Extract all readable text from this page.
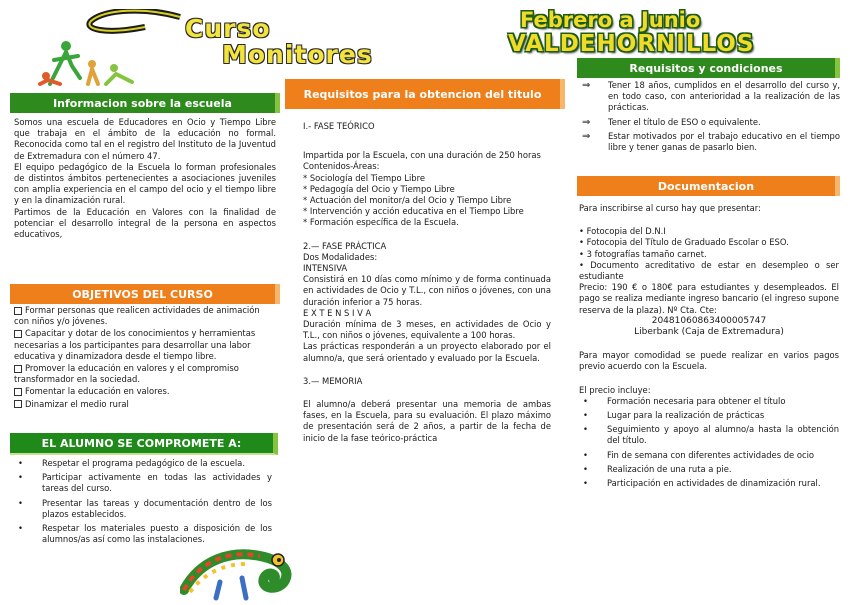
Curso
Monitores
Febrero a Junio
VALDEHORNILLOS
Informacion sobre la escuela

Somos una escuela de Educadores en Ocio y Tiempo Libre que trabaja en el ámbito de la educación no formal. Reconocida como tal en el registro del Instituto de la Juventud de Extremadura con el número 47.

El equipo pedagógico de la Escuela lo forman profesionales de distintos ámbitos pertenecientes a asociaciones juveniles con amplia experiencia en el campo del ocio y el tiempo libre y en la dinamización rural.

Partimos de la Educación en Valores con la finalidad de potenciar el desarrollo integral de la persona en aspectos educativos,

OBJETIVOS DEL CURSO

Formar personas que realicen actividades de animación con niños y/o jóvenes.

Capacitar y dotar de los conocimientos y herramientas necesarias a los participantes para desarrollar una labor educativa y dinamizadora desde el tiempo libre.

Promover la educación en valores y el compromiso transformador en la sociedad.

Fomentar la educación en valores.

Dinamizar el medio rural

EL ALUMNO SE COMPROMETE A:
• Respetar el programa pedagógico de la escuela.
• Participar activamente en todas las actividades y tareas del curso.
• Presentar las tareas y documentación dentro de los plazos establecidos.
• Respetar los materiales puesto a disposición de los alumnos/as así como las instalaciones.
Requisitos para la obtencion del titulo

I.- FASE TEÓRICO

Impartida por la Escuela, con una duración de 250 horas

Contenidos-Áreas:

* Sociología del Tiempo Libre

* Pedagogía del Ocio y Tiempo Libre

* Actuación del monitor/a del Ocio y Tiempo Libre

* Intervención y acción educativa en el Tiempo Libre

* Formación específica de la Escuela.

2.— FASE PRÁCTICA

Dos Modalidades:

INTENSIVA

Consistirá en 10 días como mínimo y de forma continuada en actividades de Ocio y T.L., con niños o jóvenes, con una duración inferior a 75 horas.

E X T E N S I V A

Duración mínima de 3 meses, en actividades de Ocio y T.L., con niños o jóvenes, equivalente a 100 horas.

Las prácticas responderán a un proyecto elaborado por el alumno/a, que será orientado y evaluado por la Escuela.

3.— MEMORIA

El alumno/a deberá presentar una memoria de ambas fases, en la Escuela, para su evaluación. El plazo máximo de presentación será de 2 años, a partir de la fecha de inicio de la fase teórico-práctica

Requisitos y condiciones
⇒ Tener 18 años, cumplidos en el desarrollo del curso y, en todo caso, con anterioridad a la realización de las prácticas.
⇒ Tener el título de ESO o equivalente.
⇒ Estar motivados por el trabajo educativo en el tiempo libre y tener ganas de pasarlo bien.
Documentacion

Para inscribirse al curso hay que presentar:

• Fotocopia del D.N.I

• Fotocopia del Título de Graduado Escolar o ESO.

• 3 fotografías tamaño carnet.

• Documento acreditativo de estar en desempleo o ser estudiante

Precio: 190 € o 180€ para estudiantes y desempleados. El pago se realiza mediante ingreso bancario (el ingreso supone reserva de la plaza). Nº Cta. Cte:

20481060863400005747

Liberbank (Caja de Extremadura)

Para mayor comodidad se puede realizar en varios pagos previo acuerdo con la Escuela.

El precio incluye:

• Formación necesaria para obtener el título
• Lugar para la realización de prácticas
• Seguimiento y apoyo al alumno/a hasta la obtención del título.
• Fin de semana con diferentes actividades de ocio
• Realización de una ruta a pie.
• Participación en actividades de dinamización rural.
